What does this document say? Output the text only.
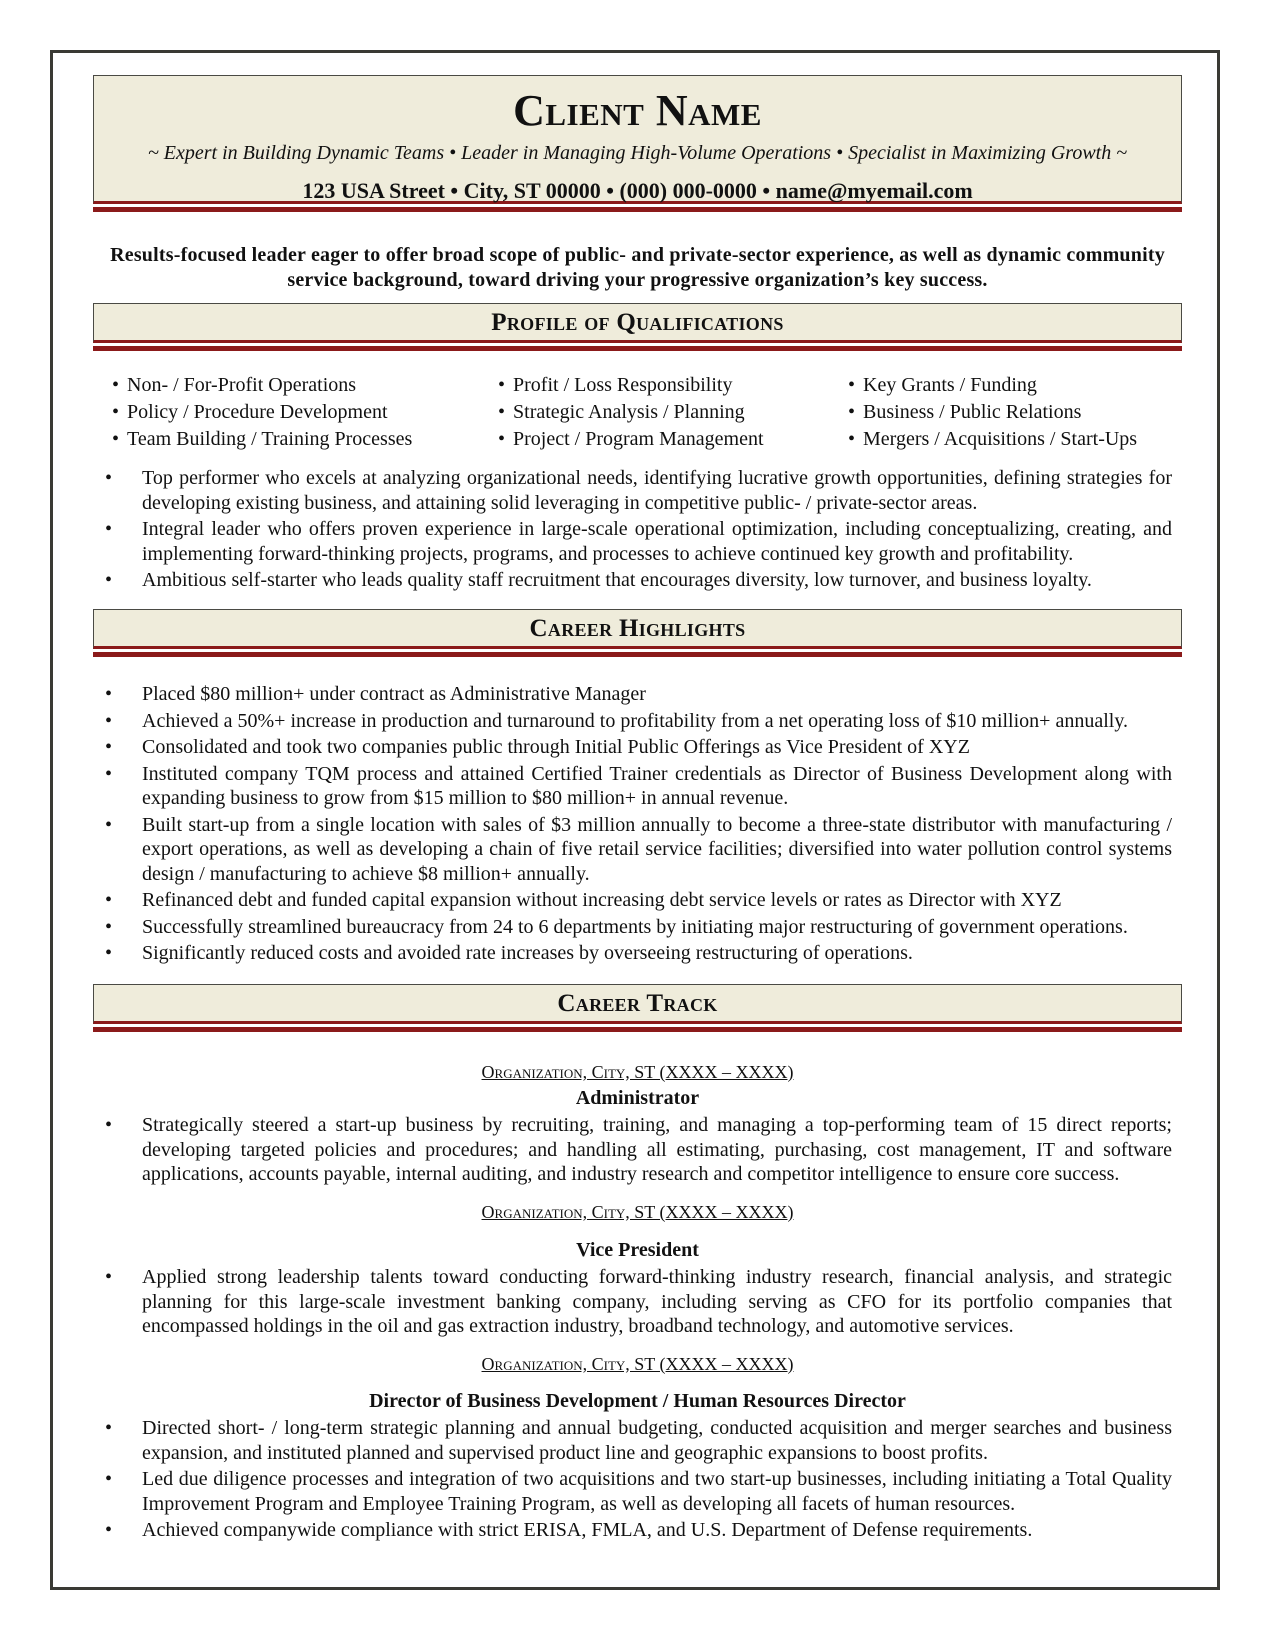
Client Name
~ Expert in Building Dynamic Teams • Leader in Managing High-Volume Operations • Specialist in Maximizing Growth ~
123 USA Street • City, ST 00000 • (000) 000-0000 • name@myemail.com
Results-focused leader eager to offer broad scope of public- and private-sector experience, as well as dynamic community service background, toward driving your progressive organization’s key success.
Profile of Qualifications
• Non- / For-Profit Operations
• Policy / Procedure Development
• Team Building / Training Processes
• Profit / Loss Responsibility
• Strategic Analysis / Planning
• Project / Program Management
• Key Grants / Funding
• Business / Public Relations
• Mergers / Acquisitions / Start-Ups
• Top performer who excels at analyzing organizational needs, identifying lucrative growth opportunities, defining strategies for developing existing business, and attaining solid leveraging in competitive public- / private-sector areas.
• Integral leader who offers proven experience in large-scale operational optimization, including conceptualizing, creating, and implementing forward-thinking projects, programs, and processes to achieve continued key growth and profitability.
• Ambitious self-starter who leads quality staff recruitment that encourages diversity, low turnover, and business loyalty.
Career Highlights
• Placed $80 million+ under contract as Administrative Manager
• Achieved a 50%+ increase in production and turnaround to profitability from a net operating loss of $10 million+ annually.
• Consolidated and took two companies public through Initial Public Offerings as Vice President of XYZ
• Instituted company TQM process and attained Certified Trainer credentials as Director of Business Development along with expanding business to grow from $15 million to $80 million+ in annual revenue.
• Built start-up from a single location with sales of $3 million annually to become a three-state distributor with manufacturing / export operations, as well as developing a chain of five retail service facilities; diversified into water pollution control systems design / manufacturing to achieve $8 million+ annually.
• Refinanced debt and funded capital expansion without increasing debt service levels or rates as Director with XYZ
• Successfully streamlined bureaucracy from 24 to 6 departments by initiating major restructuring of government operations.
• Significantly reduced costs and avoided rate increases by overseeing restructuring of operations.
Career Track
Organization, City, ST (XXXX – XXXX)
Administrator
• Strategically steered a start-up business by recruiting, training, and managing a top-performing team of 15 direct reports; developing targeted policies and procedures; and handling all estimating, purchasing, cost management, IT and software applications, accounts payable, internal auditing, and industry research and competitor intelligence to ensure core success.
Organization, City, ST (XXXX – XXXX)
Vice President
• Applied strong leadership talents toward conducting forward-thinking industry research, financial analysis, and strategic planning for this large-scale investment banking company, including serving as CFO for its portfolio companies that encompassed holdings in the oil and gas extraction industry, broadband technology, and automotive services.
Organization, City, ST (XXXX – XXXX)
Director of Business Development / Human Resources Director
• Directed short- / long-term strategic planning and annual budgeting, conducted acquisition and merger searches and business expansion, and instituted planned and supervised product line and geographic expansions to boost profits.
• Led due diligence processes and integration of two acquisitions and two start-up businesses, including initiating a Total Quality Improvement Program and Employee Training Program, as well as developing all facets of human resources.
• Achieved companywide compliance with strict ERISA, FMLA, and U.S. Department of Defense requirements.
